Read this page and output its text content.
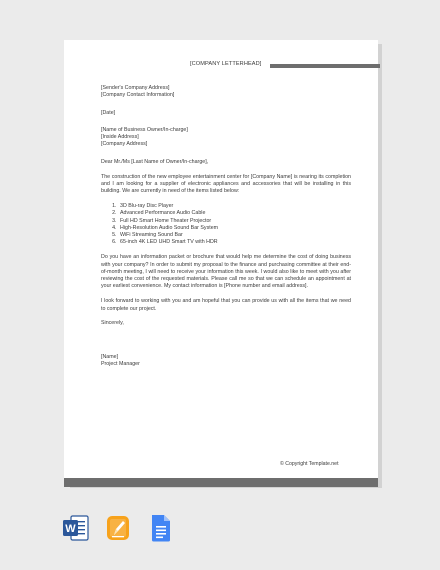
[COMPANY LETTERHEAD]
[Sender's Company Address]
[Company Contact Information]
[Date]
[Name of Business Owner/In-charge]
[Inside Address]
[Company Address]
Dear Mr./Ms [Last Name of Owner/In-charge],
The construction of the new employee entertainment center for [Company Name] is nearing its completion and I am looking for a supplier of electronic appliances and accessories that will be installing in this building. We are currently in need of the items listed below:
1. 3D Blu-ray Disc Player
2. Advanced Performance Audio Cable
3. Full HD Smart Home Theater Projector
4. High-Resolution Audio Sound Bar System
5. WiFi Streaming Sound Bar
6. 65-inch 4K LED UHD Smart TV with HDR
Do you have an information packet or brochure that would help me determine the cost of doing business with your company? In order to submit my proposal to the finance and purchasing committee at their end-of-month meeting, I will need to receive your information this week. I would also like to meet with you after reviewing the cost of the requested materials. Please call me so that we can schedule an appointment at your earliest convenience. My contact information is [Phone number and email address].
I look forward to working with you and am hopeful that you can provide us with all the items that we need to complete our project.
Sincerely,
[Name]
Project Manager
© Copyright Template.net
W
